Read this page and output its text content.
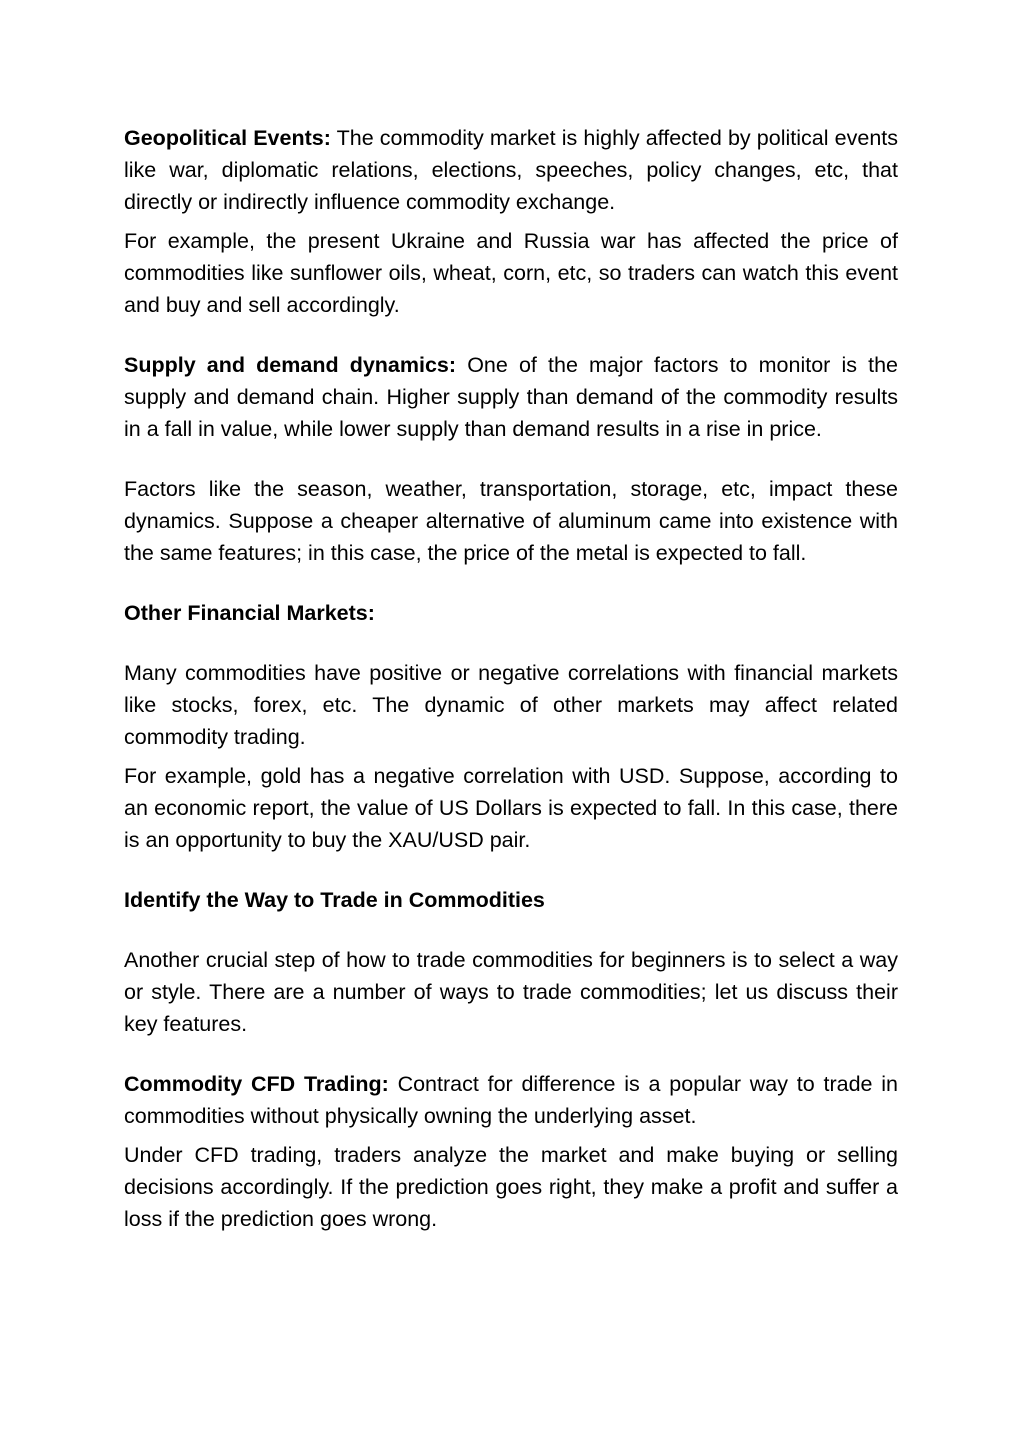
Geopolitical Events: The commodity market is highly affected by political events like war, diplomatic relations, elections, speeches, policy changes, etc, that directly or indirectly influence commodity exchange.

For example, the present Ukraine and Russia war has affected the price of commodities like sunflower oils, wheat, corn, etc, so traders can watch this event and buy and sell accordingly.

Supply and demand dynamics: One of the major factors to monitor is the supply and demand chain. Higher supply than demand of the commodity results in a fall in value, while lower supply than demand results in a rise in price.

Factors like the season, weather, transportation, storage, etc, impact these dynamics. Suppose a cheaper alternative of aluminum came into existence with the same features; in this case, the price of the metal is expected to fall.

Other Financial Markets:

Many commodities have positive or negative correlations with financial markets like stocks, forex, etc. The dynamic of other markets may affect related commodity trading.

For example, gold has a negative correlation with USD. Suppose, according to an economic report, the value of US Dollars is expected to fall. In this case, there is an opportunity to buy the XAU/USD pair.

Identify the Way to Trade in Commodities

Another crucial step of how to trade commodities for beginners is to select a way or style. There are a number of ways to trade commodities; let us discuss their key features.

Commodity CFD Trading: Contract for difference is a popular way to trade in commodities without physically owning the underlying asset.

Under CFD trading, traders analyze the market and make buying or selling decisions accordingly. If the prediction goes right, they make a profit and suffer a loss if the prediction goes wrong.
